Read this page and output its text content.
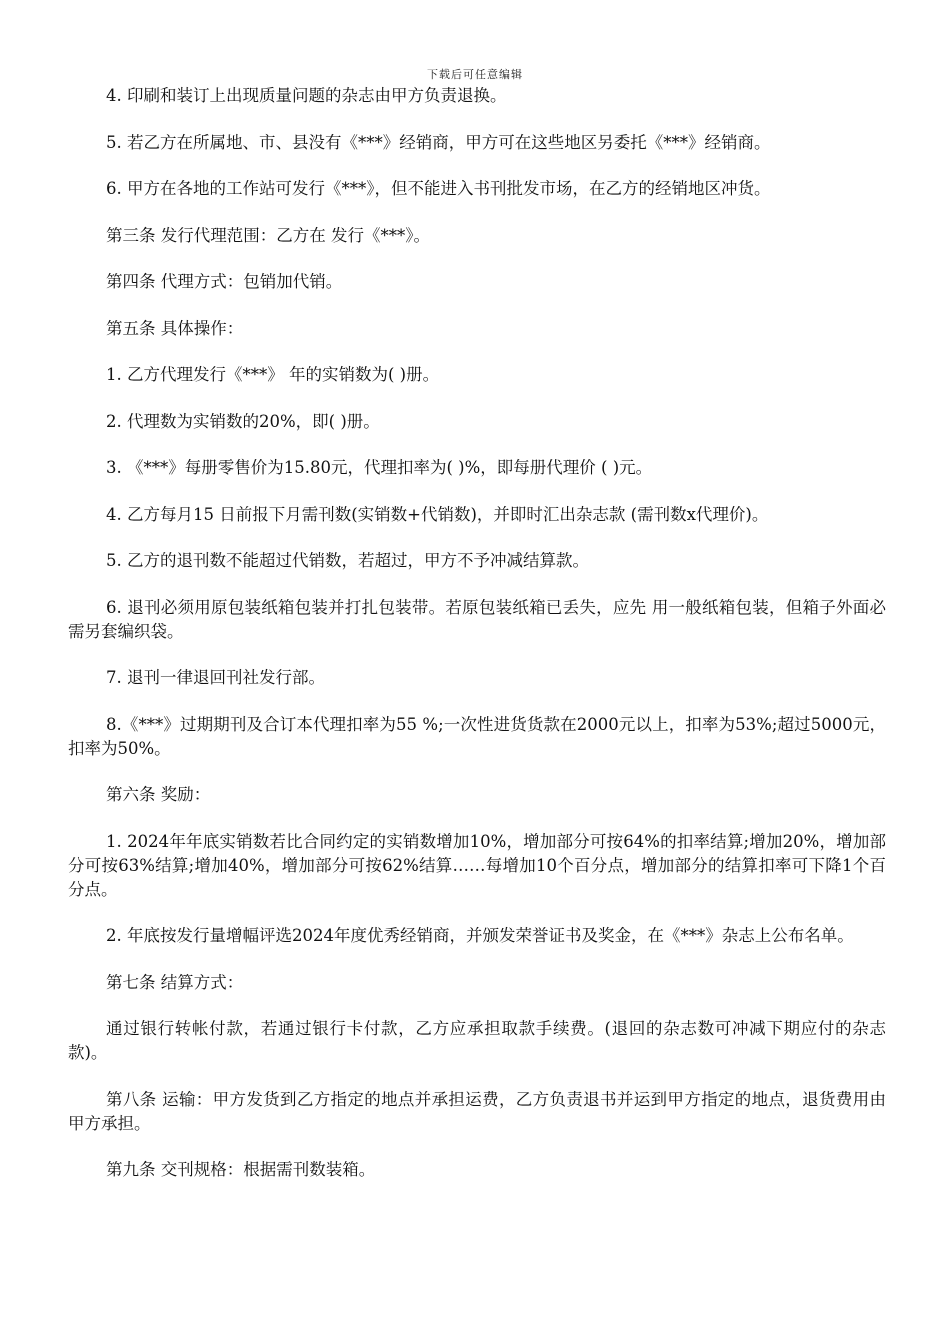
下载后可任意编辑

4. 印刷和装订上出现质量问题的杂志由甲方负责退换。

5. 若乙方在所属地、市、县没有《***》经销商，甲方可在这些地区另委托《***》经销商。

6. 甲方在各地的工作站可发行《***》，但不能进入书刊批发市场，在乙方的经销地区冲货。

第三条 发行代理范围：乙方在 发行《***》。

第四条 代理方式：包销加代销。

第五条 具体操作：

1. 乙方代理发行《***》 年的实销数为( )册。

2. 代理数为实销数的20%，即( )册。

3. 《***》每册零售价为15.80元，代理扣率为( )%，即每册代理价 ( )元。

4. 乙方每月15 日前报下月需刊数(实销数+代销数)，并即时汇出杂志款 (需刊数x代理价)。

5. 乙方的退刊数不能超过代销数，若超过，甲方不予冲减结算款。

6. 退刊必须用原包装纸箱包装并打扎包装带。若原包装纸箱已丢失，应先 用一般纸箱包装，但箱子外面必需另套编织袋。

7. 退刊一律退回刊社发行部。

8.《***》过期期刊及合订本代理扣率为55 %;一次性进货货款在2000元以上，扣率为53%;超过5000元，扣率为50%。

第六条 奖励：

1. 2024年年底实销数若比合同约定的实销数增加10%，增加部分可按64%的扣率结算;增加20%，增加部分可按63%结算;增加40%，增加部分可按62%结算……每增加10个百分点，增加部分的结算扣率可下降1个百分点。

2. 年底按发行量增幅评选2024年度优秀经销商，并颁发荣誉证书及奖金，在《***》杂志上公布名单。

第七条 结算方式：

通过银行转帐付款，若通过银行卡付款，乙方应承担取款手续费。(退回的杂志数可冲减下期应付的杂志款)。

第八条 运输：甲方发货到乙方指定的地点并承担运费，乙方负责退书并运到甲方指定的地点，退货费用由甲方承担。

第九条 交刊规格：根据需刊数装箱。
